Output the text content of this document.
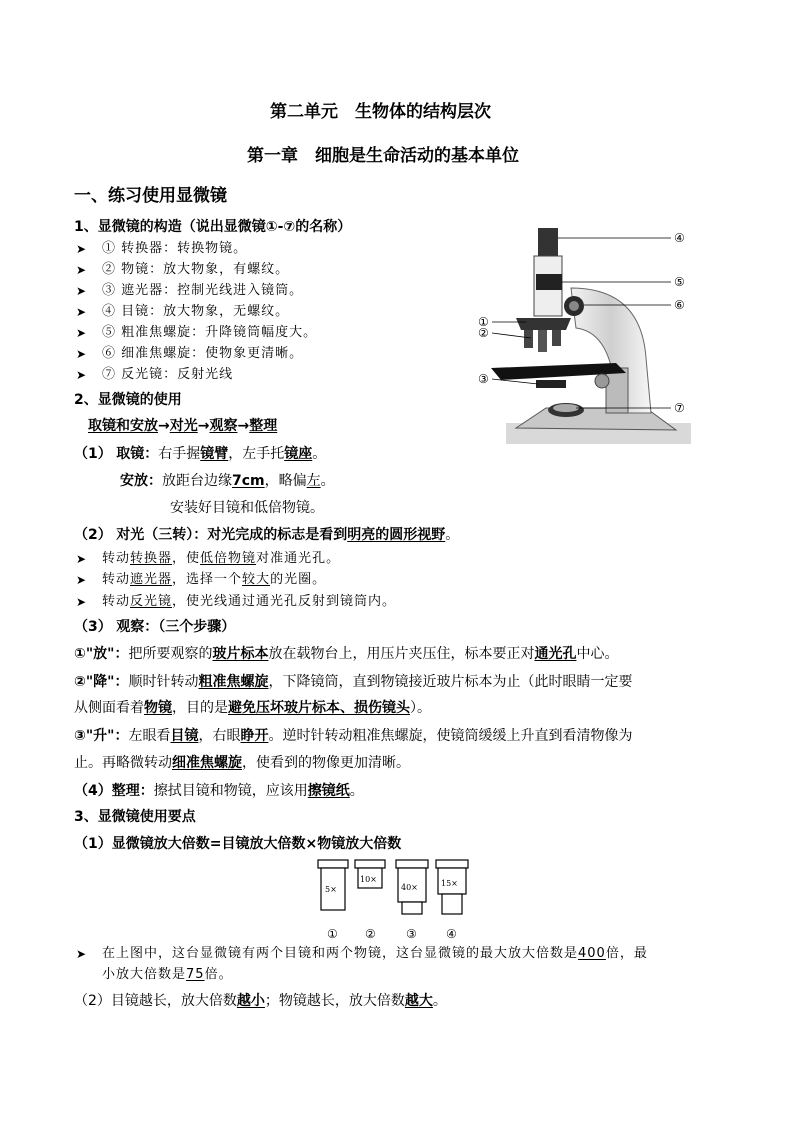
第二单元　生物体的结构层次
第一章　细胞是生命活动的基本单位
一、练习使用显微镜
1、显微镜的构造（说出显微镜①-⑦的名称）
➤ ① 转换器：转换物镜。
➤ ② 物镜：放大物象，有螺纹。
➤ ③ 遮光器：控制光线进入镜筒。
➤ ④ 目镜：放大物象，无螺纹。
➤ ⑤ 粗准焦螺旋：升降镜筒幅度大。
➤ ⑥ 细准焦螺旋：使物象更清晰。
➤ ⑦ 反光镜：反射光线
④
⑤
⑥
①
②
③
⑦
2、显微镜的使用
取镜和安放→对光→观察→整理
（1） 取镜：右手握镜臂，左手托镜座。
安放：放距台边缘7cm，略偏左。
安装好目镜和低倍物镜。
（2） 对光（三转）：对光完成的标志是看到明亮的圆形视野。
➤ 转动转换器，使低倍物镜对准通光孔。
➤ 转动遮光器，选择一个较大的光圈。
➤ 转动反光镜，使光线通过通光孔反射到镜筒内。
（3） 观察：（三个步骤）
①"放"：把所要观察的玻片标本放在载物台上，用压片夹压住，标本要正对通光孔中心。
②"降"：顺时针转动粗准焦螺旋，下降镜筒，直到物镜接近玻片标本为止（此时眼睛一定要
从侧面看着物镜，目的是避免压坏玻片标本、损伤镜头）。
③"升"：左眼看目镜，右眼睁开。逆时针转动粗准焦螺旋，使镜筒缓缓上升直到看清物像为
止。再略微转动细准焦螺旋，使看到的物像更加清晰。
（4）整理：擦拭目镜和物镜，应该用擦镜纸。
3、显微镜使用要点
（1）显微镜放大倍数=目镜放大倍数×物镜放大倍数
5×
10×
40×	15×
① ②	③ ④
➤ 在上图中，这台显微镜有两个目镜和两个物镜，这台显微镜的最大放大倍数是400倍，最
小放大倍数是75倍。
（2）目镜越长，放大倍数越小；物镜越长，放大倍数越大。
